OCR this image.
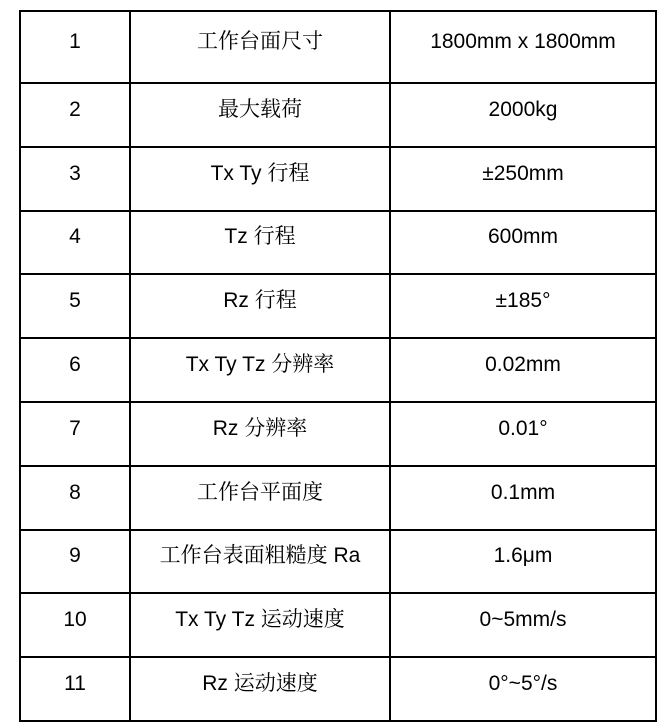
1	工作台面尺寸	1800mm x 1800mm
2	最大载荷	2000kg
3	Tx Ty 行程	±250mm
4	Tz 行程	600mm
5	Rz 行程	±185°
6	Tx Ty Tz 分辨率	0.02mm
7	Rz 分辨率	0.01°
8	工作台平面度	0.1mm
9	工作台表面粗糙度 Ra	1.6μm
10	Tx Ty Tz 运动速度	0~5mm/s
11	Rz 运动速度	0°~5°/s
